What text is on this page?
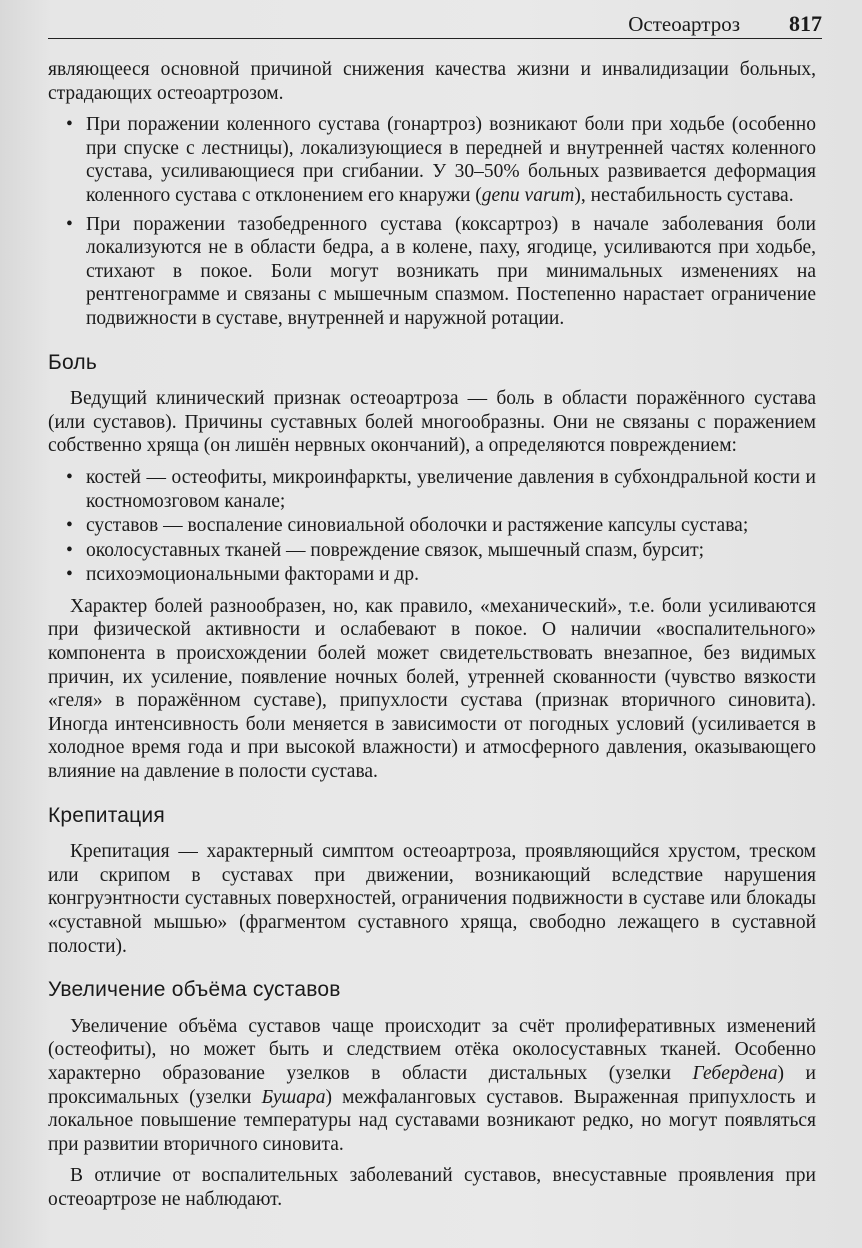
Остеоартроз 817

являющееся основной причиной снижения качества жизни и инвалидизации больных, страдающих остеоартрозом.

• При поражении коленного сустава (гонартроз) возникают боли при ходьбе (особенно при спуске с лестницы), локализующиеся в передней и внутренней частях коленного сустава, усиливающиеся при сгибании. У 30–50% больных развивается деформация коленного сустава с отклонением его кнаружи (genu varum), нестабильность сустава.
• При поражении тазобедренного сустава (коксартроз) в начале заболевания боли локализуются не в области бедра, а в колене, паху, ягодице, усиливаются при ходьбе, стихают в покое. Боли могут возникать при минимальных изменениях на рентгенограмме и связаны с мышечным спазмом. Постепенно нарастает ограничение подвижности в суставе, внутренней и наружной ротации.
Боль

Ведущий клинический признак остеоартроза — боль в области поражённого сустава (или суставов). Причины суставных болей многообразны. Они не связаны с поражением собственно хряща (он лишён нервных окончаний), а определяются повреждением:

• костей — остеофиты, микроинфаркты, увеличение давления в субхондральной кости и костномозговом канале;
• суставов — воспаление синовиальной оболочки и растяжение капсулы сустава;
• околосуставных тканей — повреждение связок, мышечный спазм, бурсит;
• психоэмоциональными факторами и др.

Характер болей разнообразен, но, как правило, «механический», т.е. боли усиливаются при физической активности и ослабевают в покое. О наличии «воспалительного» компонента в происхождении болей может свидетельствовать внезапное, без видимых причин, их усиление, появление ночных болей, утренней скованности (чувство вязкости «геля» в поражённом суставе), припухлости сустава (признак вторичного синовита). Иногда интенсивность боли меняется в зависимости от погодных условий (усиливается в холодное время года и при высокой влажности) и атмосферного давления, оказывающего влияние на давление в полости сустава.

Крепитация

Крепитация — характерный симптом остеоартроза, проявляющийся хрустом, треском или скрипом в суставах при движении, возникающий вследствие нарушения конгруэнтности суставных поверхностей, ограничения подвижности в суставе или блокады «суставной мышью» (фрагментом суставного хряща, свободно лежащего в суставной полости).

Увеличение объёма суставов

Увеличение объёма суставов чаще происходит за счёт пролиферативных изменений (остеофиты), но может быть и следствием отёка околосуставных тканей. Особенно характерно образование узелков в области дистальных (узелки Гебердена) и проксимальных (узелки Бушара) межфаланговых суставов. Выраженная припухлость и локальное повышение температуры над суставами возникают редко, но могут появляться при развитии вторичного синовита.

В отличие от воспалительных заболеваний суставов, внесуставные проявления при остеоартрозе не наблюдают.
